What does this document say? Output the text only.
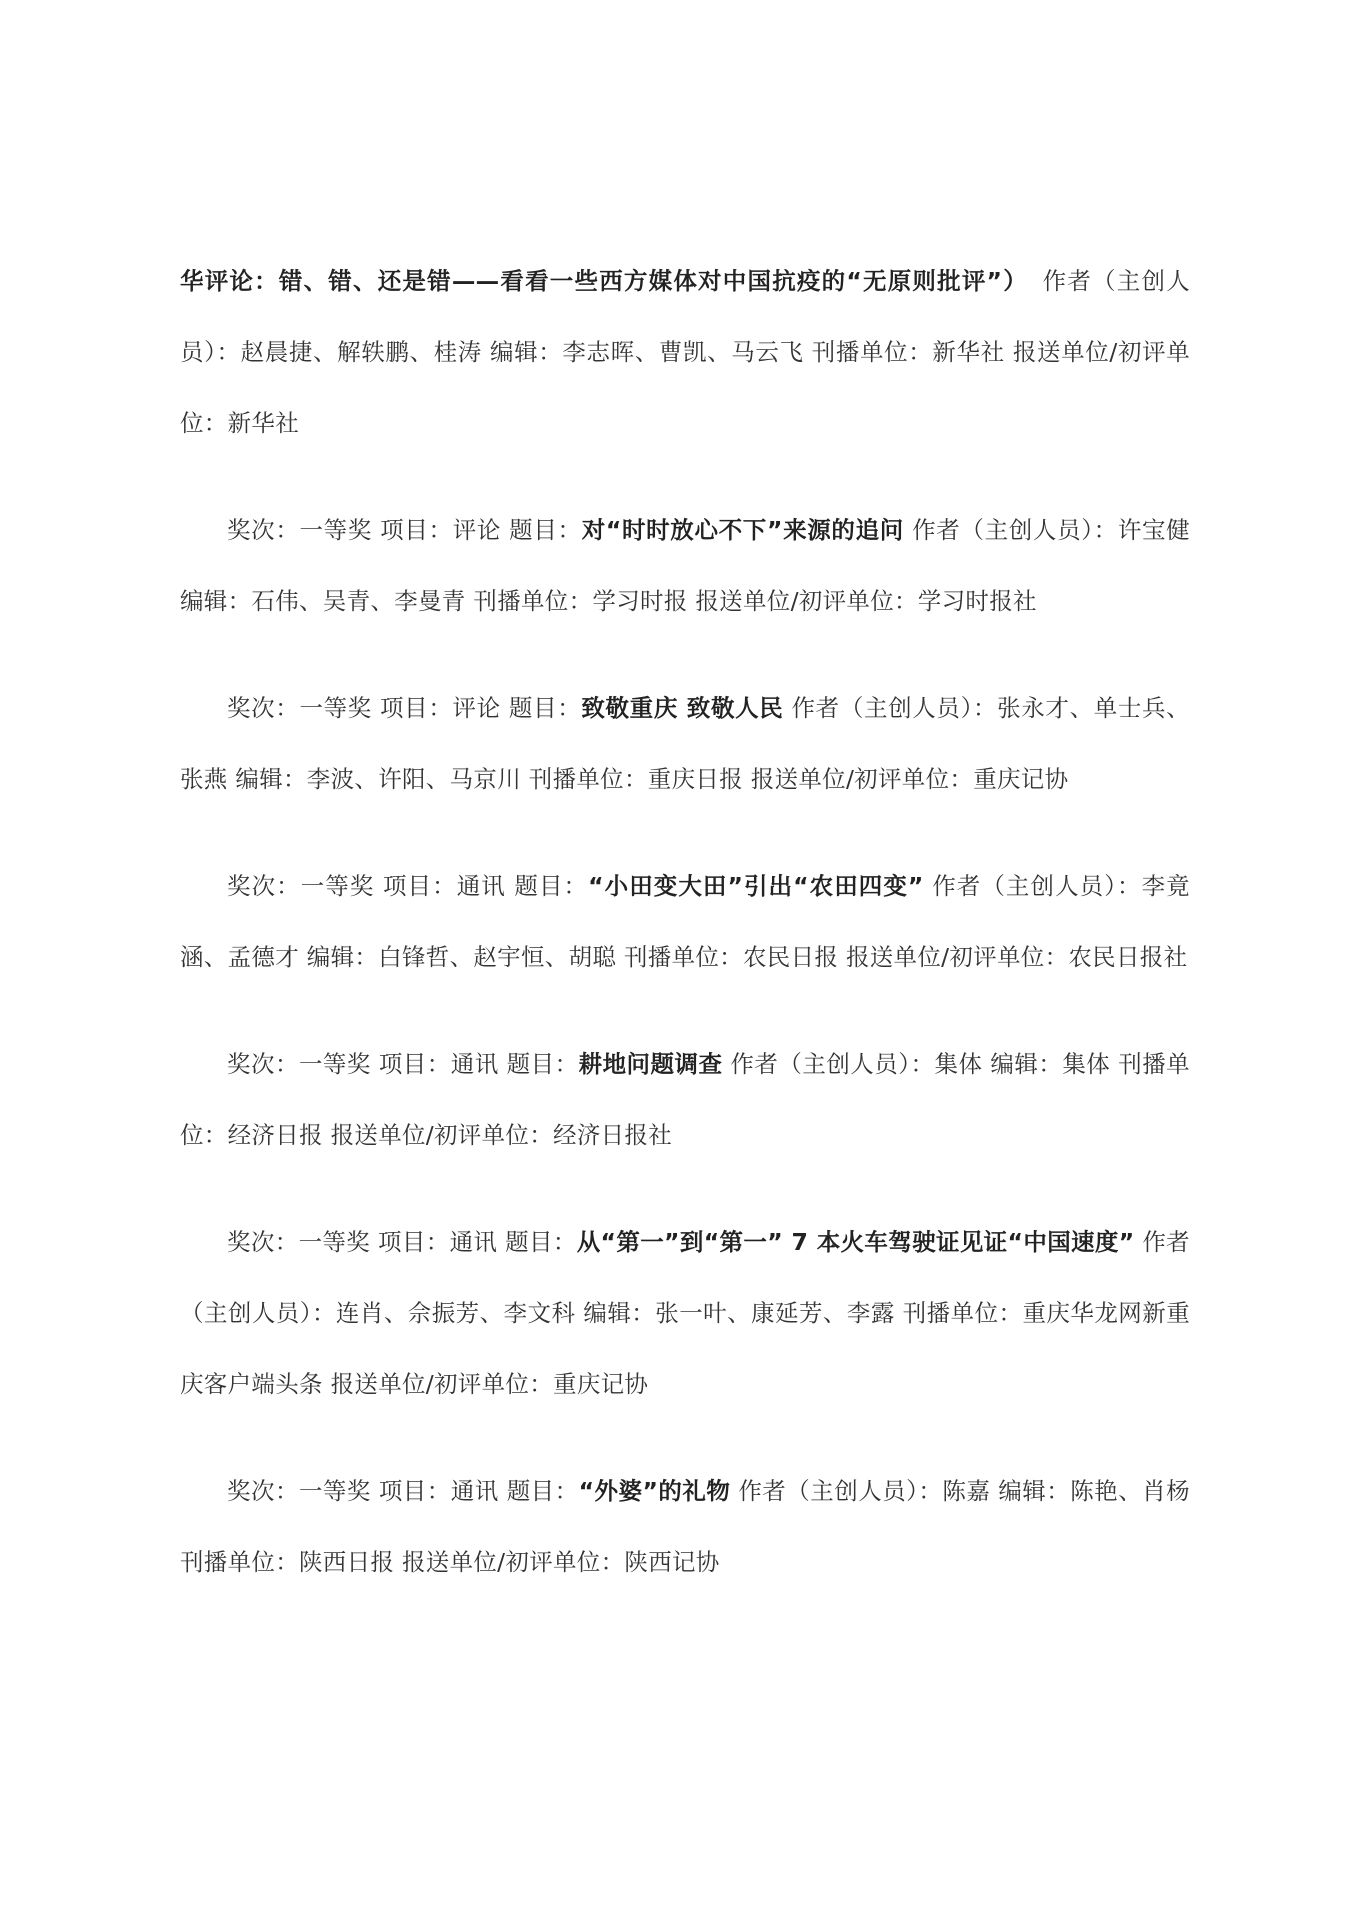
华评论：错、错、还是错——看看一些西方媒体对中国抗疫的“无原则批评”） 作者（主创人员）：赵晨捷、解轶鹏、桂涛 编辑：李志晖、曹凯、马云飞 刊播单位：新华社 报送单位/初评单位：新华社

奖次：一等奖 项目：评论 题目：对“时时放心不下”来源的追问 作者（主创人员）：许宝健 编辑：石伟、吴青、李曼青 刊播单位：学习时报 报送单位/初评单位：学习时报社

奖次：一等奖 项目：评论 题目：致敬重庆 致敬人民 作者（主创人员）：张永才、单士兵、张燕 编辑：李波、许阳、马京川 刊播单位：重庆日报 报送单位/初评单位：重庆记协

奖次：一等奖 项目：通讯 题目：“小田变大田”引出“农田四变” 作者（主创人员）：李竟涵、孟德才 编辑：白锋哲、赵宇恒、胡聪 刊播单位：农民日报 报送单位/初评单位：农民日报社

奖次：一等奖 项目：通讯 题目：耕地问题调查 作者（主创人员）：集体 编辑：集体 刊播单位：经济日报 报送单位/初评单位：经济日报社

奖次：一等奖 项目：通讯 题目：从“第一”到“第一” 7 本火车驾驶证见证“中国速度” 作者（主创人员）：连肖、佘振芳、李文科 编辑：张一叶、康延芳、李露 刊播单位：重庆华龙网新重庆客户端头条 报送单位/初评单位：重庆记协

奖次：一等奖 项目：通讯 题目：“外婆”的礼物 作者（主创人员）：陈嘉 编辑：陈艳、肖杨 刊播单位：陕西日报 报送单位/初评单位：陕西记协
